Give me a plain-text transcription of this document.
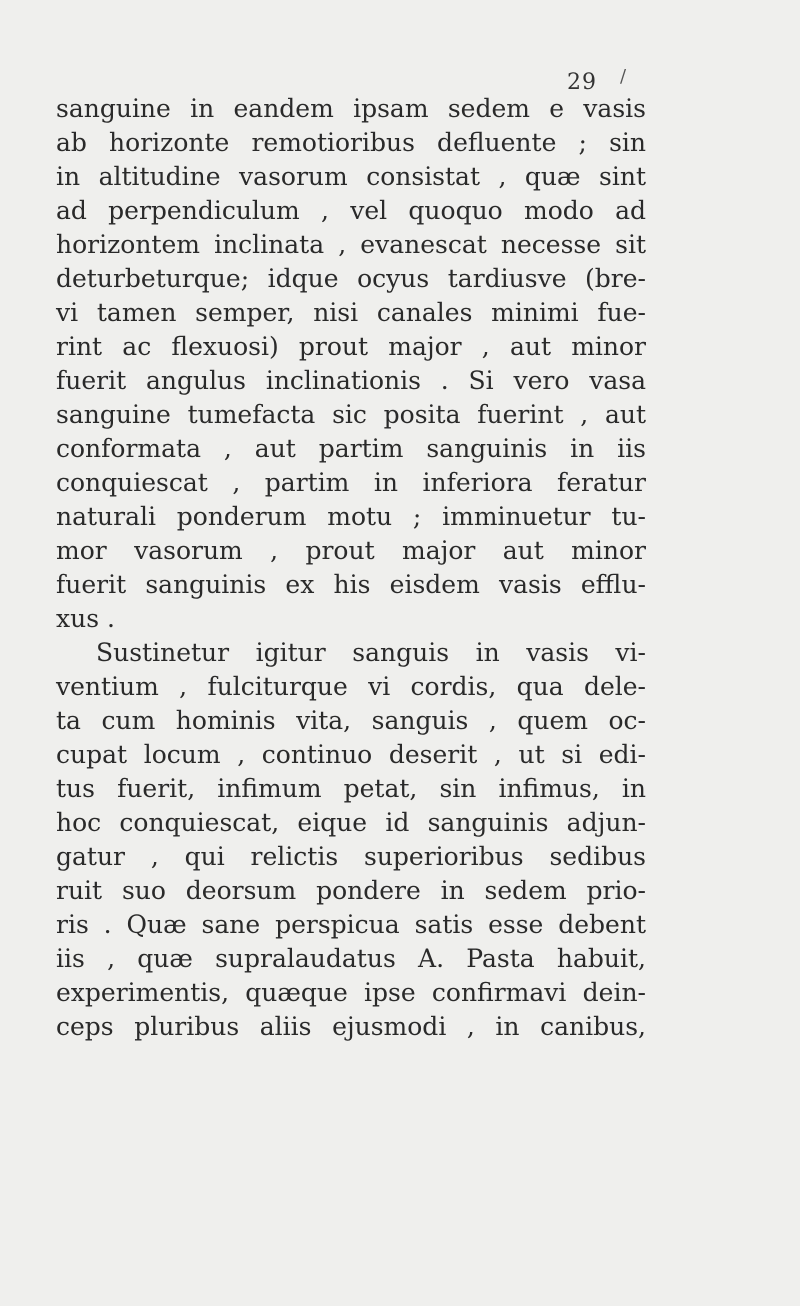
29 /
sanguine in eandem ipsam sedem e vasis
ab horizonte remotioribus defluente ; sin
in altitudine vasorum consistat , quæ sint
ad perpendiculum , vel quoquo modo ad
horizontem inclinata , evanescat necesse sit
deturbeturque; idque ocyus tardiusve (bre-
vi tamen semper, nisi canales minimi fue-
rint ac flexuosi) prout major , aut minor
fuerit angulus inclinationis . Si vero vasa
sanguine tumefacta sic posita fuerint , aut
conformata , aut partim sanguinis in iis
conquiescat , partim in inferiora feratur
naturali ponderum motu ; imminuetur tu-
mor vasorum , prout major aut minor
fuerit sanguinis ex his eisdem vasis efflu-
xus .
Sustinetur igitur sanguis in vasis vi-
ventium , fulciturque vi cordis, qua dele-
ta cum hominis vita, sanguis , quem oc-
cupat locum , continuo deserit , ut si edi-
tus fuerit, infimum petat, sin infimus, in
hoc conquiescat, eique id sanguinis adjun-
gatur , qui relictis superioribus sedibus
ruit suo deorsum pondere in sedem prio-
ris . Quæ sane perspicua satis esse debent
iis , quæ supralaudatus A. Pasta habuit,
experimentis, quæque ipse confirmavi dein-
ceps pluribus aliis ejusmodi , in canibus,
